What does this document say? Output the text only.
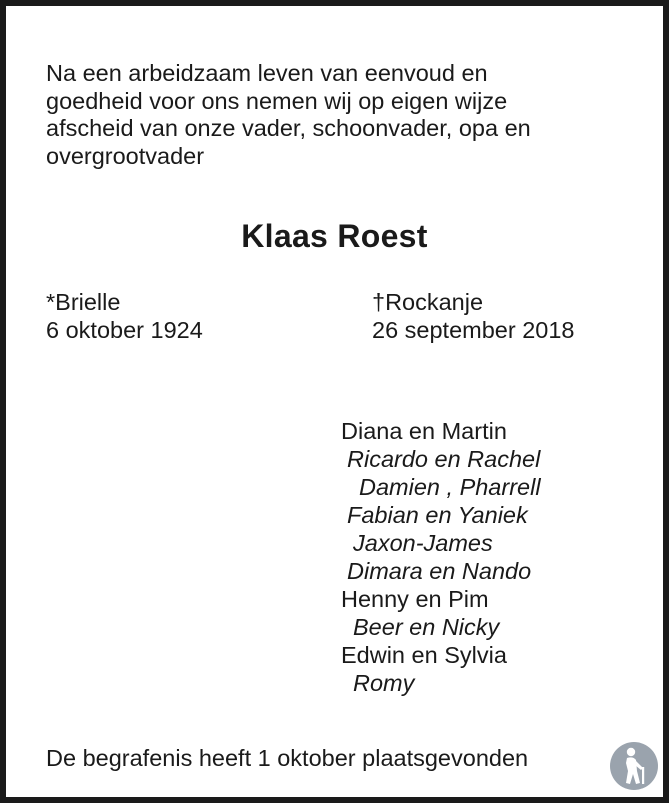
Na een arbeidzaam leven van eenvoud en
goedheid voor ons nemen wij op eigen wijze
afscheid van onze vader, schoonvader, opa en
overgrootvader
Klaas Roest
*Brielle
6 oktober 1924
†Rockanje
26 september 2018
Diana en Martin
Ricardo en Rachel
Damien , Pharrell
Fabian en Yaniek
Jaxon-James
Dimara en Nando
Henny en Pim
Beer en Nicky
Edwin en Sylvia
Romy
De begrafenis heeft 1 oktober plaatsgevonden
